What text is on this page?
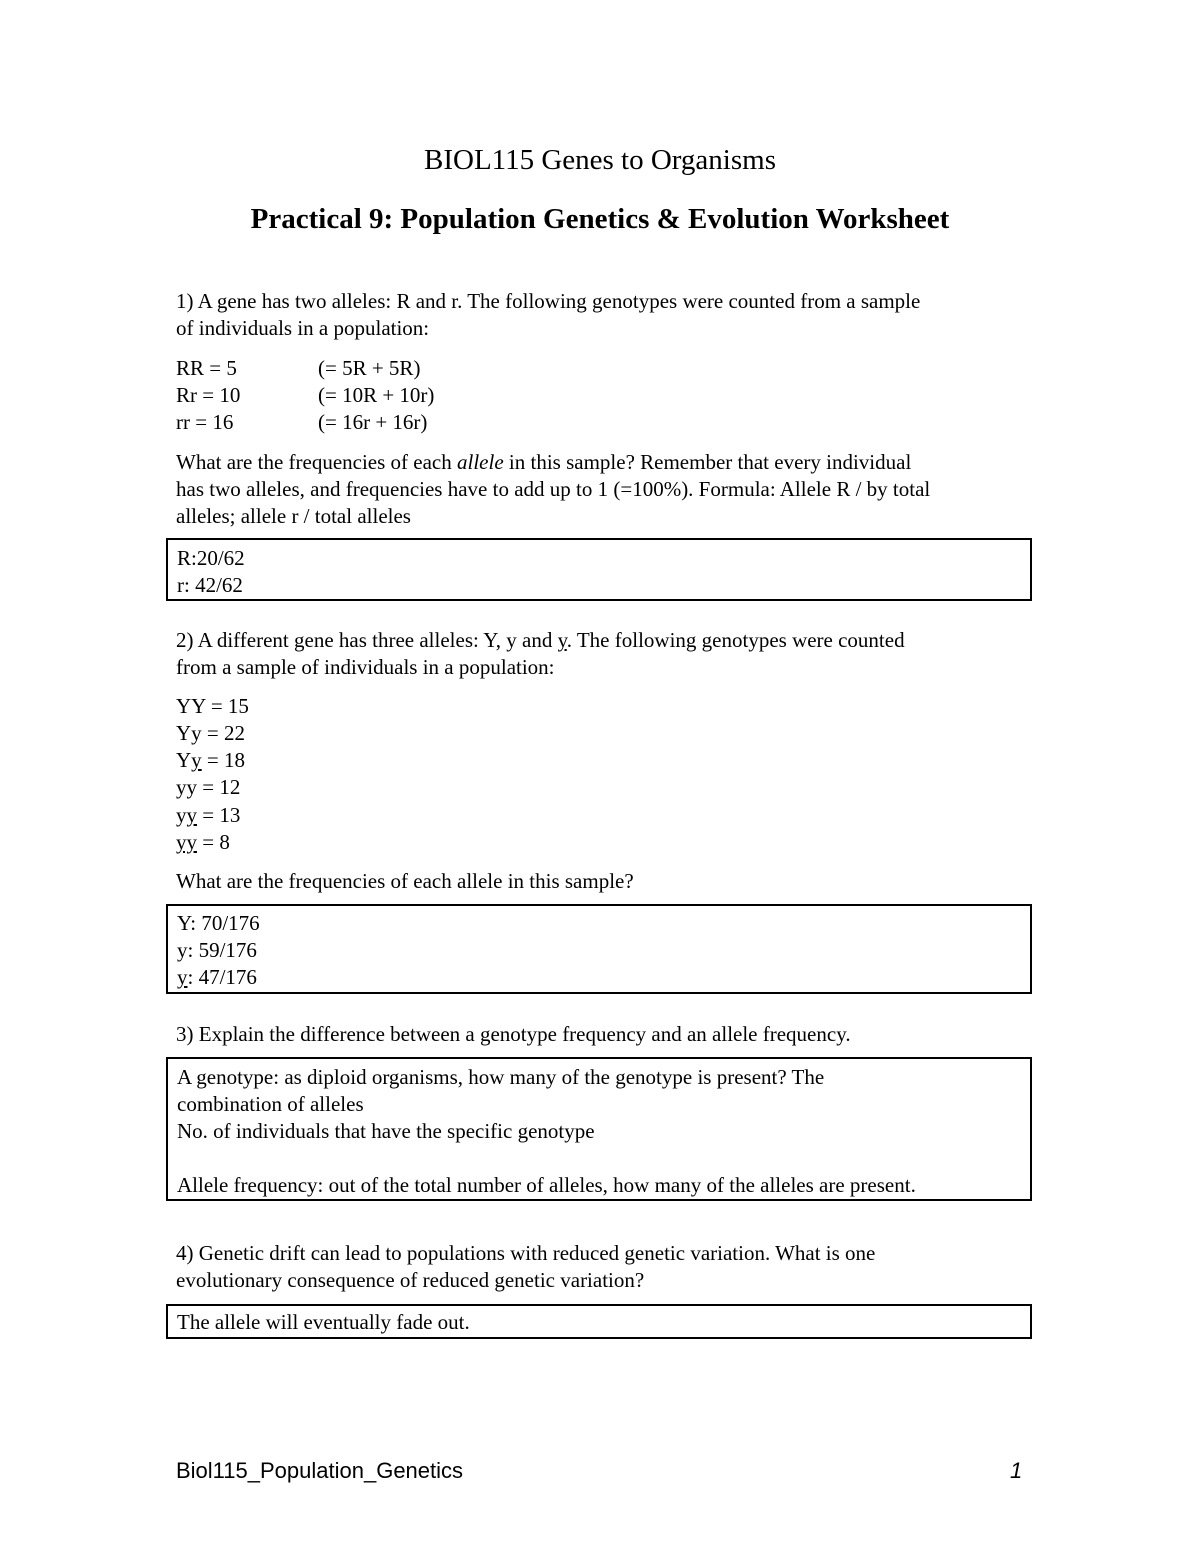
BIOL115 Genes to Organisms
Practical 9: Population Genetics & Evolution Worksheet
1) A gene has two alleles: R and r. The following genotypes were counted from a sample
of individuals in a population:
RR = 5	(= 5R + 5R)
Rr = 10	(= 10R + 10r)
rr = 16	(= 16r + 16r)
What are the frequencies of each allele in this sample? Remember that every individual
has two alleles, and frequencies have to add up to 1 (=100%). Formula: Allele R / by total
alleles; allele r / total alleles
R:20/62
r: 42/62
2) A different gene has three alleles: Y, y and y. The following genotypes were counted
from a sample of individuals in a population:
YY = 15
Yy = 22
Yy = 18
yy = 12
yy = 13
yy = 8
What are the frequencies of each allele in this sample?
Y: 70/176
y: 59/176
y: 47/176
3) Explain the difference between a genotype frequency and an allele frequency.
A genotype: as diploid organisms, how many of the genotype is present? The
combination of alleles
No. of individuals that have the specific genotype
Allele frequency: out of the total number of alleles, how many of the alleles are present.
4) Genetic drift can lead to populations with reduced genetic variation. What is one
evolutionary consequence of reduced genetic variation?
The allele will eventually fade out.
Biol115_Population_Genetics	1
